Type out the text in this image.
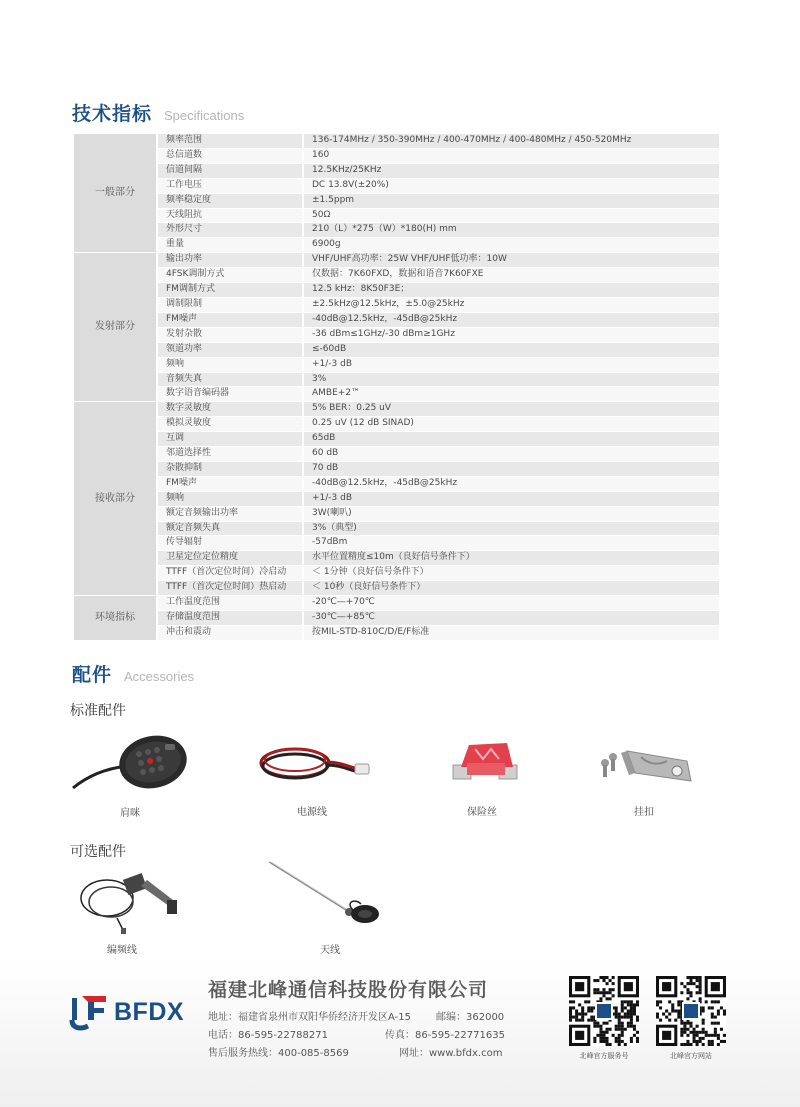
技术指标 Specifications
一般部分	频率范围	136-174MHz / 350-390MHz / 400-470MHz / 400-480MHz / 450-520MHz
	总信道数	160
	信道间隔	12.5KHz/25KHz
	工作电压	DC 13.8V(±20%)
	频率稳定度	±1.5ppm
	天线阻抗	50Ω
	外形尺寸	210（L）*275（W）*180(H) mm
	重量	6900g
发射部分	输出功率	VHF/UHF高功率：25W VHF/UHF低功率：10W
	4FSK调制方式	仅数据：7K60FXD，数据和语音7K60FXE
	FM调制方式	12.5 kHz：8K50F3E；
	调制限制	±2.5kHz@12.5kHz，±5.0@25kHz
	FM噪声	-40dB@12.5kHz，-45dB@25kHz
	发射杂散	-36 dBm≤1GHz/-30 dBm≥1GHz
	领道功率	≤-60dB
	频响	+1/-3 dB
	音频失真	3%
	数字语音编码器	AMBE+2™
接收部分	数字灵敏度	5% BER：0.25 uV
	模拟灵敏度	0.25 uV (12 dB SINAD)
	互调	65dB
	邻道选择性	60 dB
	杂散抑制	70 dB
	FM噪声	-40dB@12.5kHz，-45dB@25kHz
	频响	+1/-3 dB
	额定音频输出功率	3W(喇叭)
	额定音频失真	3%（典型)
	传导辐射	-57dBm
	卫星定位定位精度	水平位置精度≤10m（良好信号条件下）
	TTFF（首次定位时间）冷启动	＜ 1分钟（良好信号条件下）
	TTFF（首次定位时间）热启动	＜ 10秒（良好信号条件下）
环境指标	工作温度范围	-20℃—+70℃
	存储温度范围	-30℃—+85℃
	冲击和震动	按MIL-STD-810C/D/E/F标准
配件 Accessories
标准配件
肩咪	电源线	保险丝	挂扣
可选配件
编频线	天线
BFDX
福建北峰通信科技股份有限公司
地址：福建省泉州市双阳华侨经济开发区A-15	邮编：362000
电话：86-595-22788271	传真：86-595-22771635
售后服务热线：400-085-8569	网址：www.bfdx.com	北峰官方服务号	北峰官方网站
